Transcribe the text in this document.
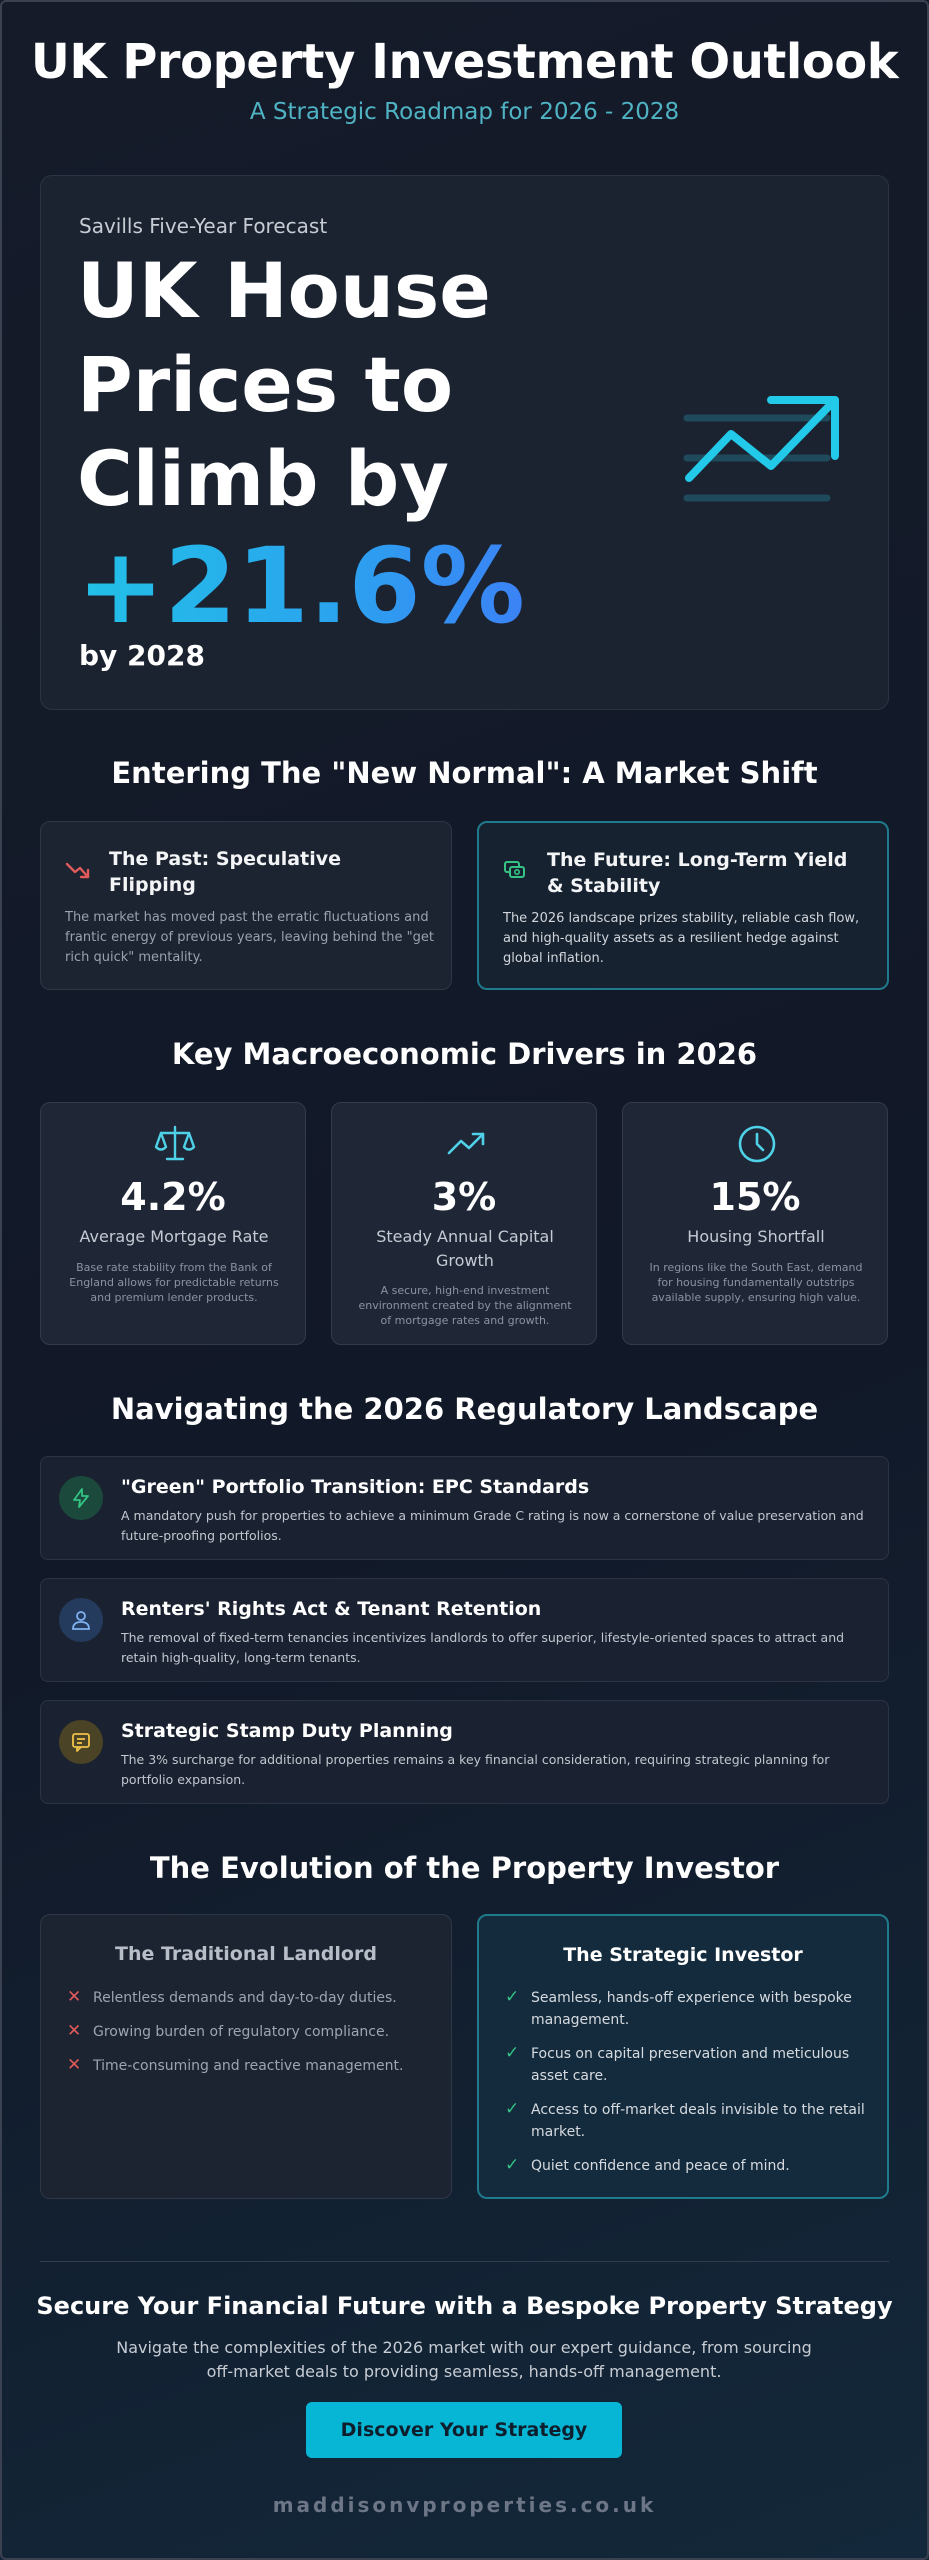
UK Property Investment Outlook
A Strategic Roadmap for 2026 - 2028
Savills Five-Year Forecast
UK House Prices to Climb by
+21.6%
by 2028
Entering The "New Normal": A Market Shift
The Past: Speculative Flipping
The market has moved past the erratic fluctuations and frantic energy of previous years, leaving behind the "get rich quick" mentality.
The Future: Long-Term Yield & Stability
The 2026 landscape prizes stability, reliable cash flow, and high-quality assets as a resilient hedge against global inflation.
Key Macroeconomic Drivers in 2026
4.2%
Average Mortgage Rate
Base rate stability from the Bank of England allows for predictable returns and premium lender products.
3%
Steady Annual Capital Growth
A secure, high-end investment environment created by the alignment of mortgage rates and growth.
15%
Housing Shortfall
In regions like the South East, demand for housing fundamentally outstrips available supply, ensuring high value.
Navigating the 2026 Regulatory Landscape
"Green" Portfolio Transition: EPC Standards
A mandatory push for properties to achieve a minimum Grade C rating is now a cornerstone of value preservation and future-proofing portfolios.
Renters' Rights Act & Tenant Retention
The removal of fixed-term tenancies incentivizes landlords to offer superior, lifestyle-oriented spaces to attract and retain high-quality, long-term tenants.
Strategic Stamp Duty Planning
The 3% surcharge for additional properties remains a key financial consideration, requiring strategic planning for portfolio expansion.
The Evolution of the Property Investor
The Traditional Landlord
✕ Relentless demands and day-to-day duties.
✕ Growing burden of regulatory compliance.
✕ Time-consuming and reactive management.
The Strategic Investor
✓ Seamless, hands-off experience with bespoke management.
✓ Focus on capital preservation and meticulous asset care.
✓ Access to off-market deals invisible to the retail market.
✓ Quiet confidence and peace of mind.
Secure Your Financial Future with a Bespoke Property Strategy

Navigate the complexities of the 2026 market with our expert guidance, from sourcing off-market deals to providing seamless, hands-off management.

Discover Your Strategy
maddisonvproperties.co.uk
